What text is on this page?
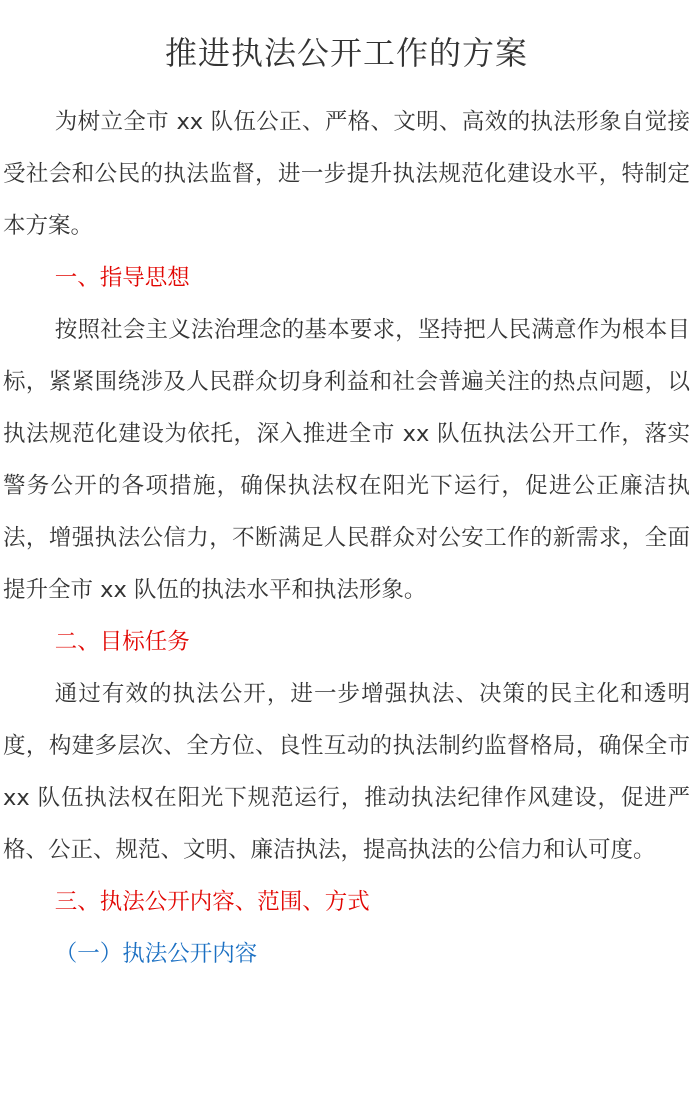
推进执法公开工作的方案

为树立全市 xx 队伍公正、严格、文明、高效的执法形象自觉接受社会和公民的执法监督，进一步提升执法规范化建设水平，特制定本方案。

一、指导思想

按照社会主义法治理念的基本要求，坚持把人民满意作为根本目标，紧紧围绕涉及人民群众切身利益和社会普遍关注的热点问题，以执法规范化建设为依托，深入推进全市 xx 队伍执法公开工作，落实警务公开的各项措施，确保执法权在阳光下运行，促进公正廉洁执法，增强执法公信力，不断满足人民群众对公安工作的新需求，全面提升全市 xx 队伍的执法水平和执法形象。

二、目标任务

通过有效的执法公开，进一步增强执法、决策的民主化和透明度，构建多层次、全方位、良性互动的执法制约监督格局，确保全市 xx 队伍执法权在阳光下规范运行，推动执法纪律作风建设，促进严格、公正、规范、文明、廉洁执法，提高执法的公信力和认可度。

三、执法公开内容、范围、方式

（一）执法公开内容
